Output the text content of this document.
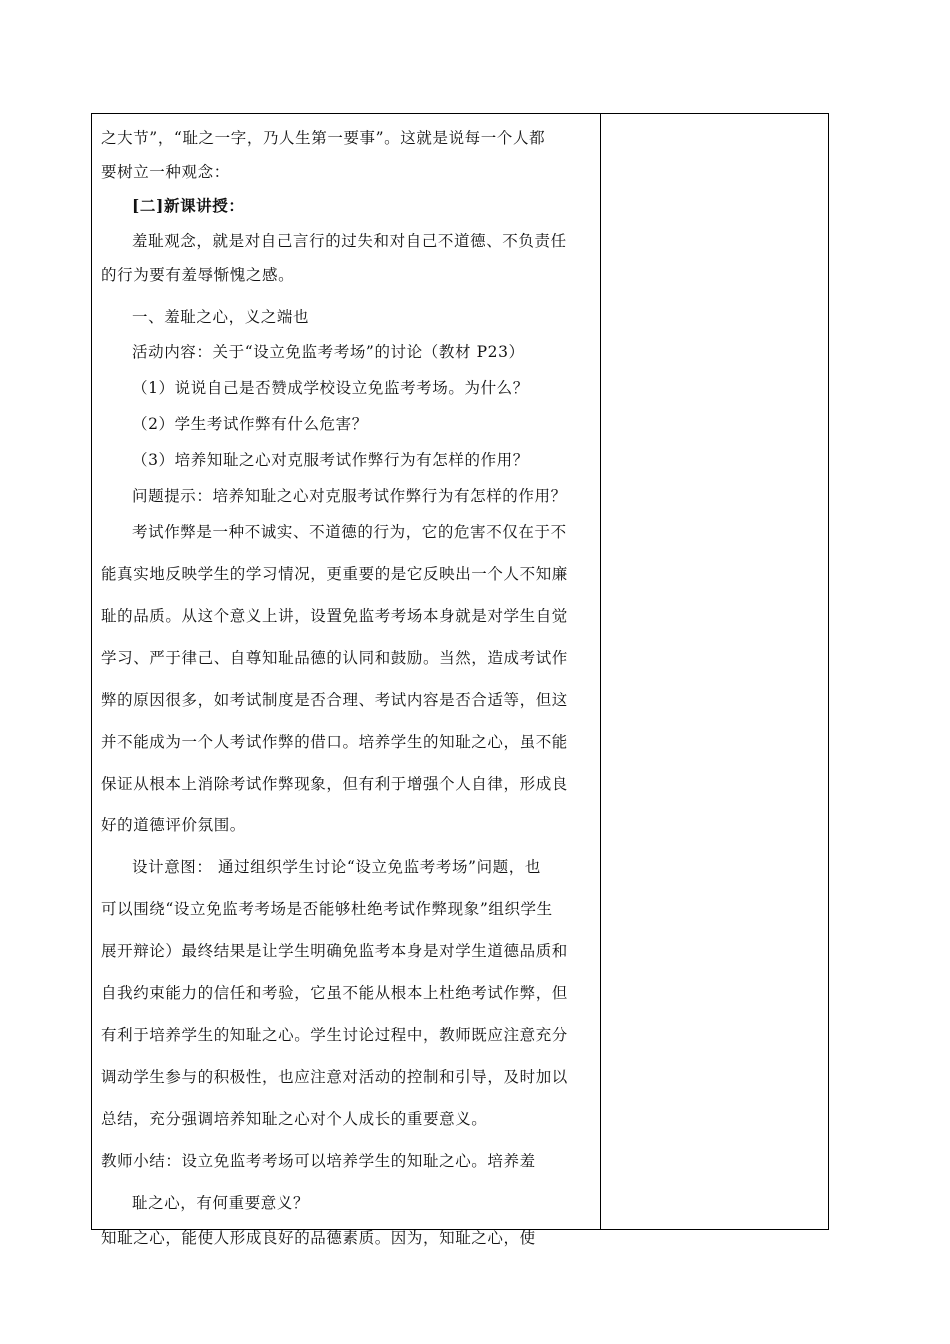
之大节”，“耻之一字，乃人生第一要事”。这就是说每一个人都
要树立一种观念：
[二]新课讲授：
羞耻观念，就是对自己言行的过失和对自己不道德、不负责任
的行为要有羞辱惭愧之感。
一、羞耻之心，义之端也
活动内容：关于“设立免监考考场”的讨论（教材 P23）
（1）说说自己是否赞成学校设立免监考考场。为什么？
（2）学生考试作弊有什么危害？
（3）培养知耻之心对克服考试作弊行为有怎样的作用？
问题提示：培养知耻之心对克服考试作弊行为有怎样的作用？
考试作弊是一种不诚实、不道德的行为，它的危害不仅在于不
能真实地反映学生的学习情况，更重要的是它反映出一个人不知廉
耻的品质。从这个意义上讲，设置免监考考场本身就是对学生自觉
学习、严于律己、自尊知耻品德的认同和鼓励。当然，造成考试作
弊的原因很多，如考试制度是否合理、考试内容是否合适等，但这
并不能成为一个人考试作弊的借口。培养学生的知耻之心，虽不能
保证从根本上消除考试作弊现象，但有利于增强个人自律，形成良
好的道德评价氛围。
设计意图： 通过组织学生讨论“设立免监考考场”问题，也
可以围绕“设立免监考考场是否能够杜绝考试作弊现象”组织学生
展开辩论）最终结果是让学生明确免监考本身是对学生道德品质和
自我约束能力的信任和考验，它虽不能从根本上杜绝考试作弊，但
有利于培养学生的知耻之心。学生讨论过程中，教师既应注意充分
调动学生参与的积极性，也应注意对活动的控制和引导，及时加以
总结，充分强调培养知耻之心对个人成长的重要意义。
教师小结：设立免监考考场可以培养学生的知耻之心。培养羞
耻之心，有何重要意义？
知耻之心，能使人形成良好的品德素质。因为，知耻之心，使
